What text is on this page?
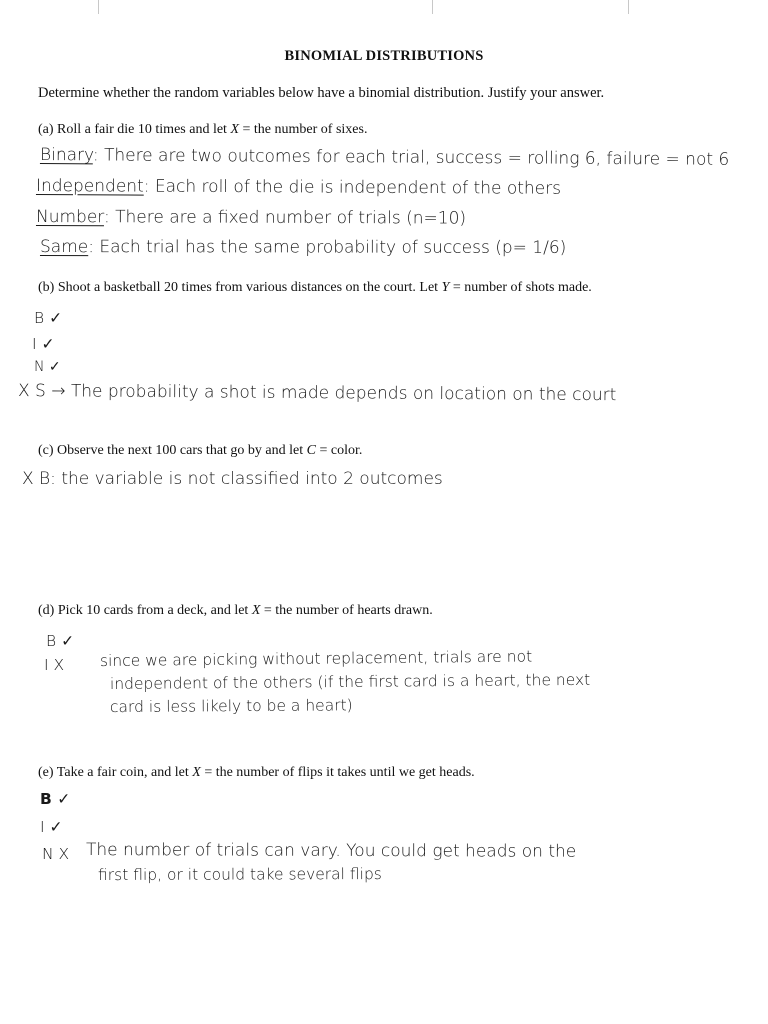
BINOMIAL DISTRIBUTIONS
Determine whether the random variables below have a binomial distribution. Justify your answer.
(a) Roll a fair die 10 times and let X = the number of sixes.
Binary: There are two outcomes for each trial, success = rolling 6, failure = not 6
Independent: Each roll of the die is independent of the others
Number: There are a fixed number of trials (n=10)
Same: Each trial has the same probability of success (p= 1/6)
(b) Shoot a basketball 20 times from various distances on the court. Let Y = number of shots made.
B ✓
I ✓
N ✓
X S → The probability a shot is made depends on location on the court
(c) Observe the next 100 cars that go by and let C = color.
X B: the variable is not classified into 2 outcomes
(d) Pick 10 cards from a deck, and let X = the number of hearts drawn.
B ✓
I X since we are picking without replacement, trials are not
independent of the others (if the first card is a heart, the next
card is less likely to be a heart)
(e) Take a fair coin, and let X = the number of flips it takes until we get heads.
B ✓
I ✓
N X The number of trials can vary. You could get heads on the
first flip, or it could take several flips
